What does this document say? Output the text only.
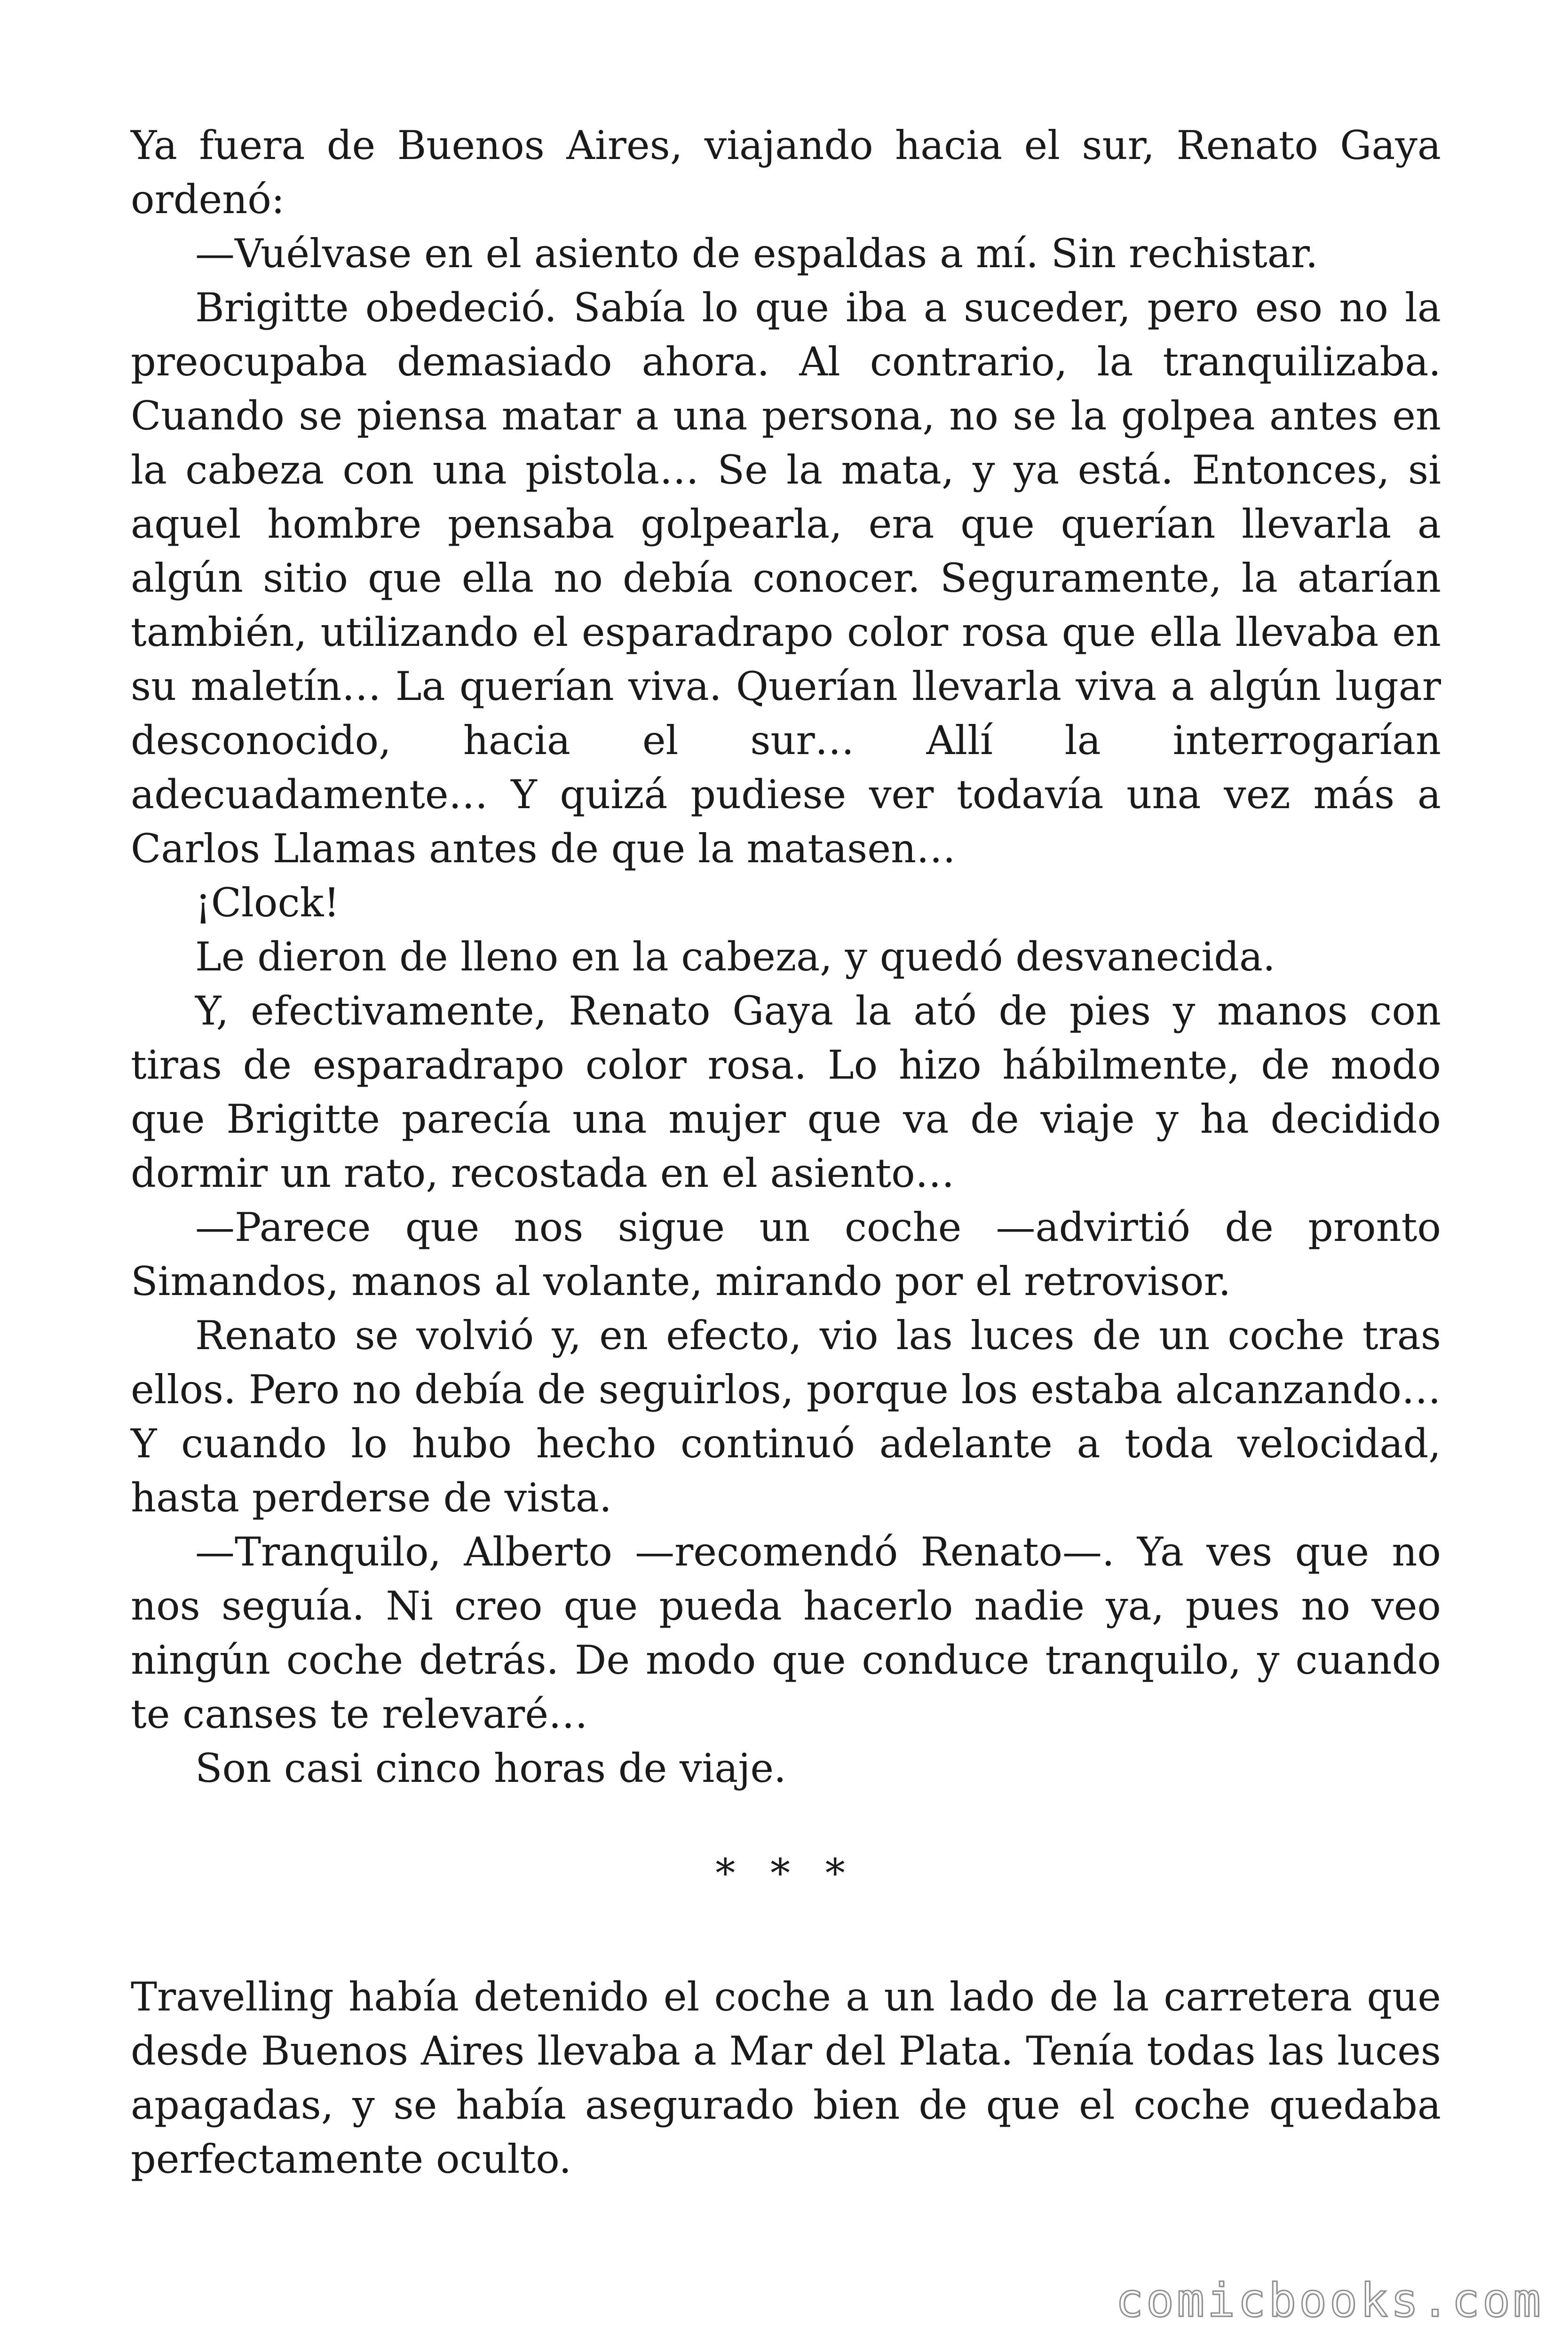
Ya fuera de Buenos Aires, viajando hacia el sur, Renato Gaya ordenó:

—Vuélvase en el asiento de espaldas a mí. Sin rechistar.

Brigitte obedeció. Sabía lo que iba a suceder, pero eso no la preocupaba demasiado ahora. Al contrario, la tranquilizaba. Cuando se piensa matar a una persona, no se la golpea antes en la cabeza con una pistola… Se la mata, y ya está. Entonces, si aquel hombre pensaba golpearla, era que querían llevarla a algún sitio que ella no debía conocer. Seguramente, la atarían también, utilizando el esparadrapo color rosa que ella llevaba en su maletín… La querían viva. Querían llevarla viva a algún lugar desconocido, hacia el sur… Allí la interrogarían adecuadamente… Y quizá pudiese ver todavía una vez más a Carlos Llamas antes de que la matasen…

¡Clock!

Le dieron de lleno en la cabeza, y quedó desvanecida.

Y, efectivamente, Renato Gaya la ató de pies y manos con tiras de esparadrapo color rosa. Lo hizo hábilmente, de modo que Brigitte parecía una mujer que va de viaje y ha decidido dormir un rato, recostada en el asiento…

—Parece que nos sigue un coche —advirtió de pronto Simandos, manos al volante, mirando por el retrovisor.

Renato se volvió y, en efecto, vio las luces de un coche tras ellos. Pero no debía de seguirlos, porque los estaba alcanzando… Y cuando lo hubo hecho continuó adelante a toda velocidad, hasta perderse de vista.

—Tranquilo, Alberto —recomendó Renato—. Ya ves que no nos seguía. Ni creo que pueda hacerlo nadie ya, pues no veo ningún coche detrás. De modo que conduce tranquilo, y cuando te canses te relevaré…

Son casi cinco horas de viaje.

* * *

Travelling había detenido el coche a un lado de la carretera que desde Buenos Aires llevaba a Mar del Plata. Tenía todas las luces apagadas, y se había asegurado bien de que el coche quedaba perfectamente oculto.

comicbooks.com
